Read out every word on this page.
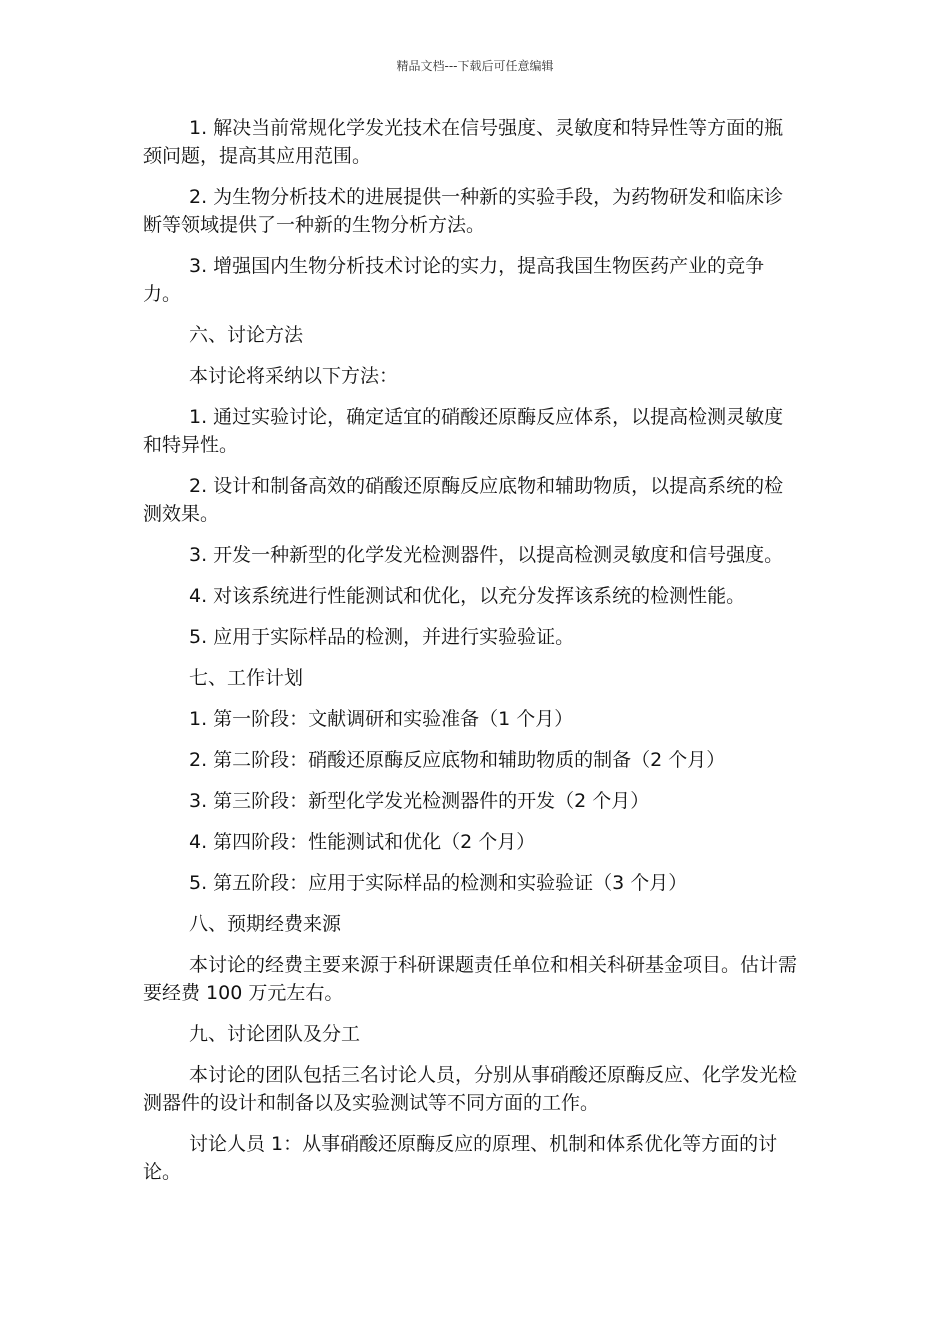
精品文档---下载后可任意编辑

1. 解决当前常规化学发光技术在信号强度、灵敏度和特异性等方面的瓶颈问题，提高其应用范围。

2. 为生物分析技术的进展提供一种新的实验手段，为药物研发和临床诊断等领域提供了一种新的生物分析方法。

3. 增强国内生物分析技术讨论的实力，提高我国生物医药产业的竞争力。

六、讨论方法

本讨论将采纳以下方法：

1. 通过实验讨论，确定适宜的硝酸还原酶反应体系，以提高检测灵敏度和特异性。

2. 设计和制备高效的硝酸还原酶反应底物和辅助物质，以提高系统的检测效果。

3. 开发一种新型的化学发光检测器件，以提高检测灵敏度和信号强度。

4. 对该系统进行性能测试和优化，以充分发挥该系统的检测性能。

5. 应用于实际样品的检测，并进行实验验证。

七、工作计划

1. 第一阶段：文献调研和实验准备（1 个月）

2. 第二阶段：硝酸还原酶反应底物和辅助物质的制备（2 个月）

3. 第三阶段：新型化学发光检测器件的开发（2 个月）

4. 第四阶段：性能测试和优化（2 个月）

5. 第五阶段：应用于实际样品的检测和实验验证（3 个月）

八、预期经费来源

本讨论的经费主要来源于科研课题责任单位和相关科研基金项目。估计需要经费 100 万元左右。

九、讨论团队及分工

本讨论的团队包括三名讨论人员，分别从事硝酸还原酶反应、化学发光检测器件的设计和制备以及实验测试等不同方面的工作。

讨论人员 1：从事硝酸还原酶反应的原理、机制和体系优化等方面的讨论。
